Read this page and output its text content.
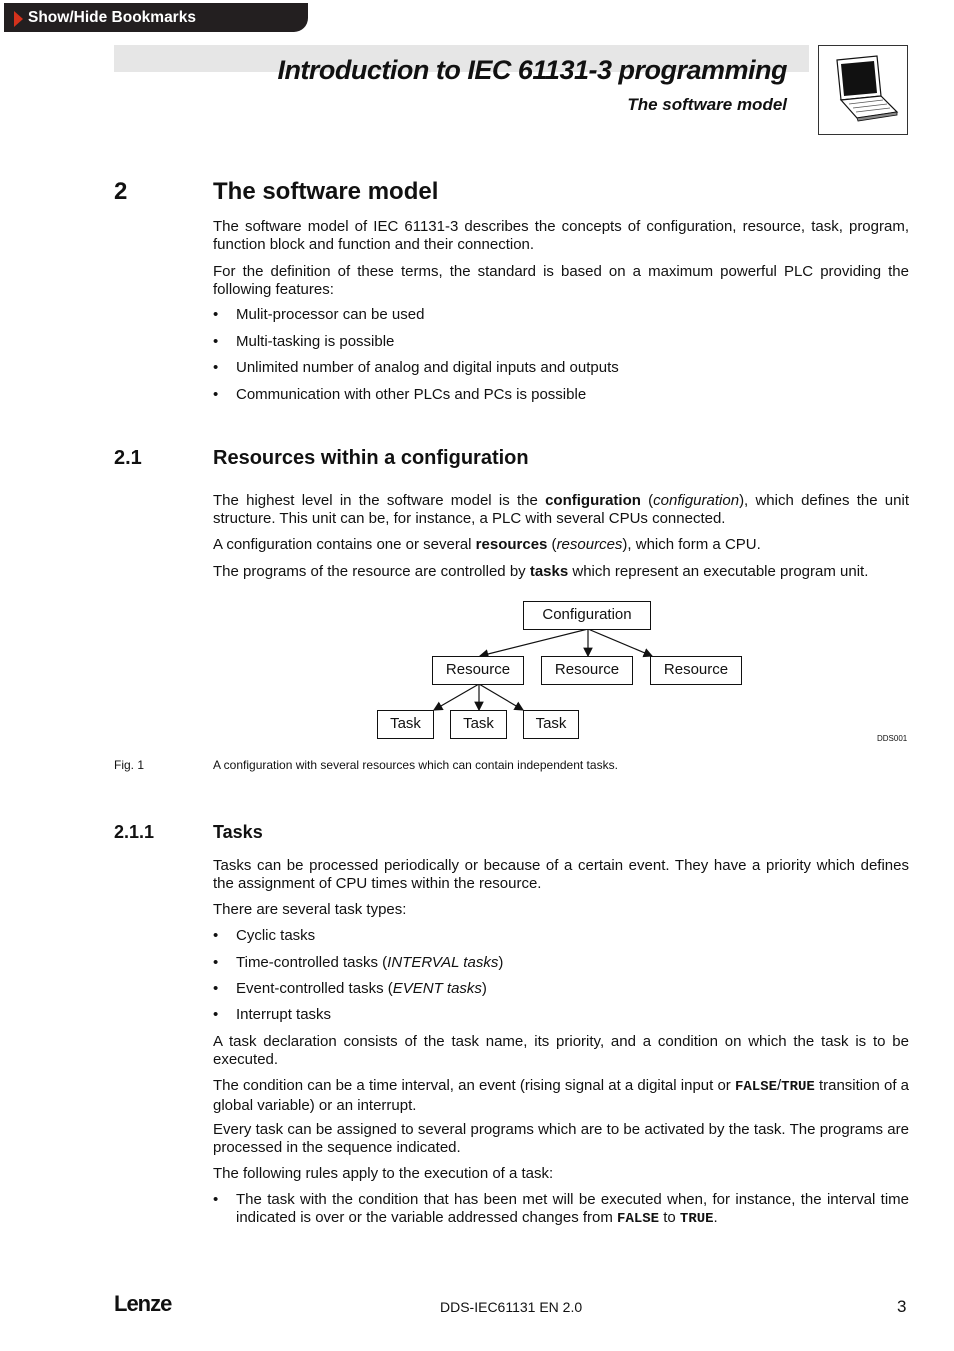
Show/Hide Bookmarks
Introduction to IEC 61131-3 programming
The software model
2	The software model

The software model of IEC 61131-3 describes the concepts of configuration, resource, task, program, function block and function and their connection.

For the definition of these terms, the standard is based on a maximum powerful PLC providing the following features:

• Mulit-processor can be used
• Multi-tasking is possible
• Unlimited number of analog and digital inputs and outputs
• Communication with other PLCs and PCs is possible
2.1	Resources within a configuration

The highest level in the software model is the configuration (configuration), which defines the unit structure. This unit can be, for instance, a PLC with several CPUs connected.

A configuration contains one or several resources (resources), which form a CPU.

The programs of the resource are controlled by tasks which represent an executable program unit.

Configuration
Resource	Resource	Resource
Task	Task	Task
DDS001
Fig. 1	A configuration with several resources which can contain independent tasks.
2.1.1	Tasks

Tasks can be processed periodically or because of a certain event. They have a priority which defines the assignment of CPU times within the resource.

There are several task types:

• Cyclic tasks
• Time-controlled tasks (INTERVAL tasks)
• Event-controlled tasks (EVENT tasks)
• Interrupt tasks

A task declaration consists of the task name, its priority, and a condition on which the task is to be executed.

The condition can be a time interval, an event (rising signal at a digital input or FALSE/TRUE transition of a global variable) or an interrupt.

Every task can be assigned to several programs which are to be activated by the task. The programs are processed in the sequence indicated.

The following rules apply to the execution of a task:

• The task with the condition that has been met will be executed when, for instance, the interval time indicated is over or the variable addressed changes from FALSE to TRUE.
Lenze	DDS-IEC61131 EN 2.0	3
